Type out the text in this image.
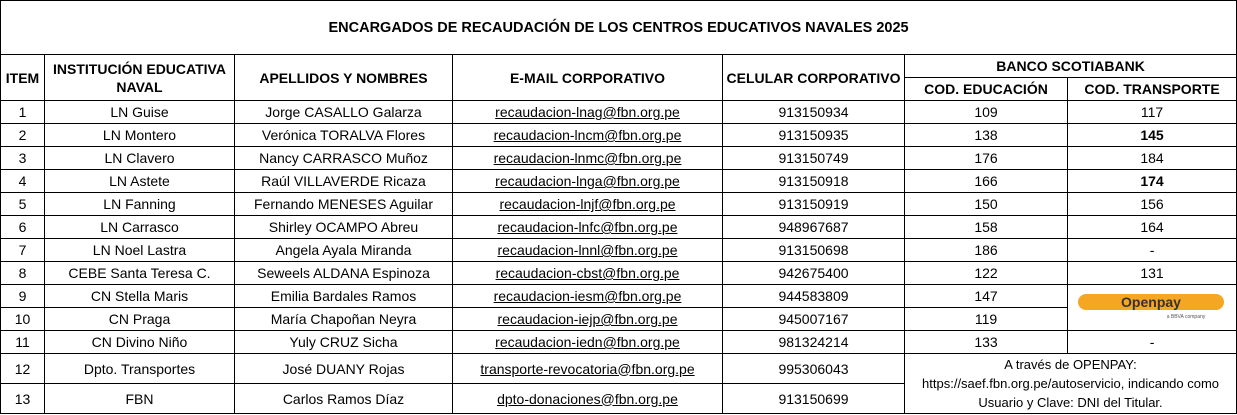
ENCARGADOS DE RECAUDACIÓN DE LOS CENTROS EDUCATIVOS NAVALES 2025						
ITEM	INSTITUCIÓN EDUCATIVA NAVAL	APELLIDOS Y NOMBRES	E-MAIL CORPORATIVO	CELULAR CORPORATIVO	BANCO SCOTIABANK	
					COD. EDUCACIÓN	COD. TRANSPORTE
1	LN Guise	Jorge CASALLO Galarza	recaudacion-lnag@fbn.org.pe	913150934	109	117
2	LN Montero	Verónica TORALVA Flores	recaudacion-lncm@fbn.org.pe	913150935	138	145
3	LN Clavero	Nancy CARRASCO Muñoz	recaudacion-lnmc@fbn.org.pe	913150749	176	184
4	LN Astete	Raúl VILLAVERDE Ricaza	recaudacion-lnga@fbn.org.pe	913150918	166	174
5	LN Fanning	Fernando MENESES Aguilar	recaudacion-lnjf@fbn.org.pe	913150919	150	156
6	LN Carrasco	Shirley OCAMPO Abreu	recaudacion-lnfc@fbn.org.pe	948967687	158	164
7	LN Noel Lastra	Angela Ayala Miranda	recaudacion-lnnl@fbn.org.pe	913150698	186	-
8	CEBE Santa Teresa C.	Seweels ALDANA Espinoza	recaudacion-cbst@fbn.org.pe	942675400	122	131
9	CN Stella Maris	Emilia Bardales Ramos	recaudacion-iesm@fbn.org.pe	944583809	147	Openpay
a BBVA company

10	CN Praga	María Chapoñan Neyra	recaudacion-iejp@fbn.org.pe	945007167	119	
11	CN Divino Niño	Yuly CRUZ Sicha	recaudacion-iedn@fbn.org.pe	981324214	133	-
12	Dpto. Transportes	José DUANY Rojas	transporte-revocatoria@fbn.org.pe	995306043	A través de OPENPAY: https://saef.fbn.org.pe/autoservicio, indicando como Usuario y Clave: DNI del Titular.	
13	FBN	Carlos Ramos Díaz	dpto-donaciones@fbn.org.pe	913150699		
